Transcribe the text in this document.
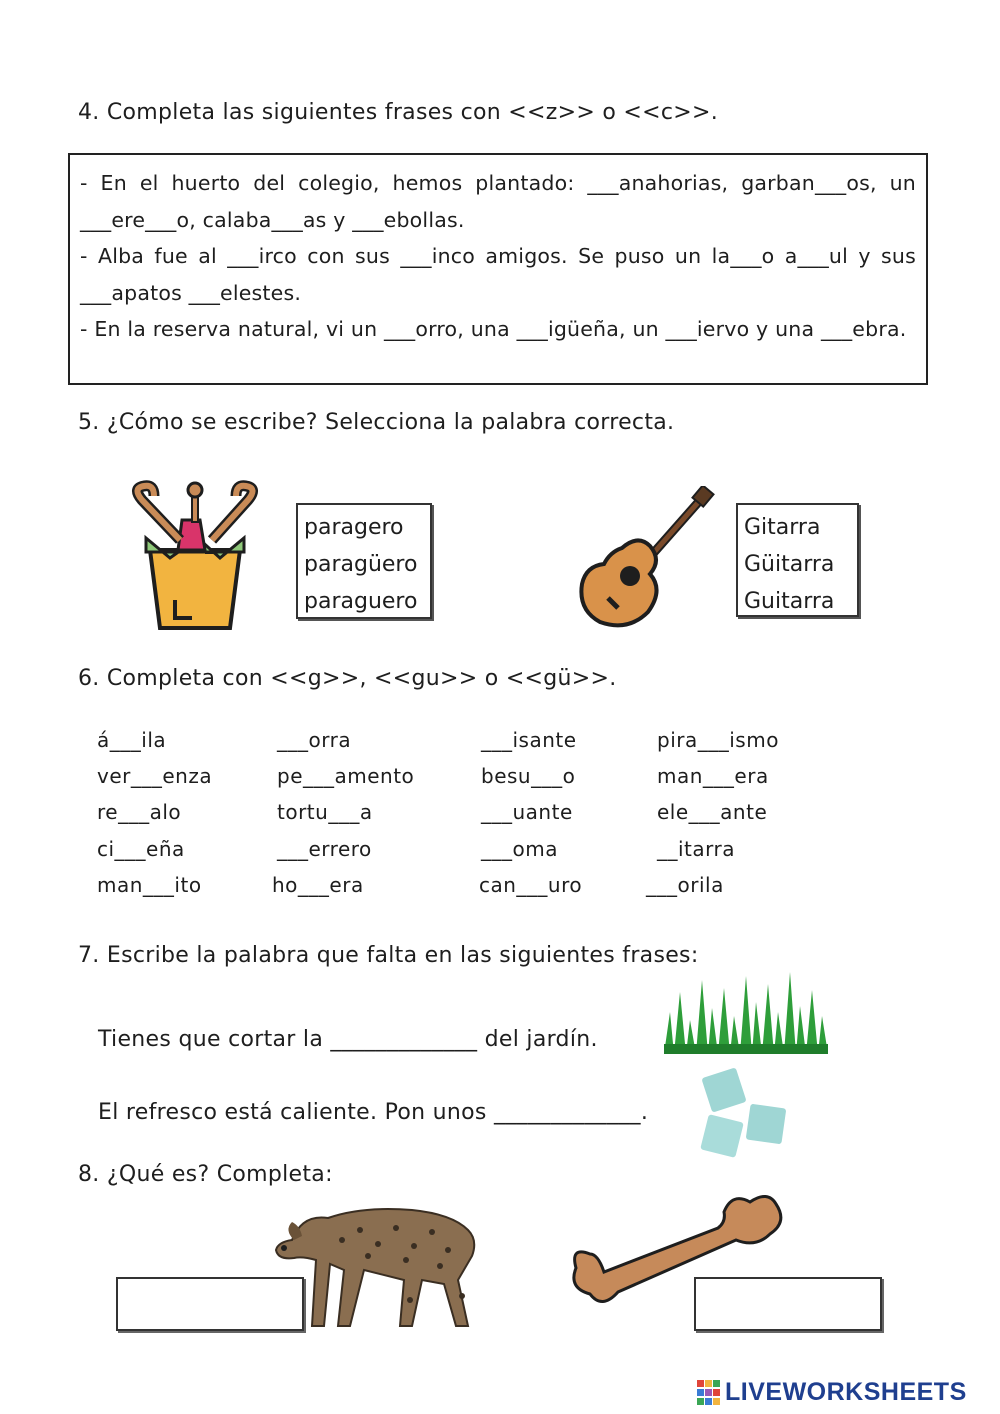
4. Completa las siguientes frases con <<z>> o <<c>>.

- En el huerto del colegio, hemos plantado: ___anahorias, garban___os, un ___ere___o, calaba___as y ___ebollas.

- Alba fue al ___irco con sus ___inco amigos. Se puso un la___o a___ul y sus ___apatos ___elestes.

- En la reserva natural, vi un ___orro, una ___igüeña, un ___iervo y una ___ebra.

5. ¿Cómo se escribe? Selecciona la palabra correcta.
paragero
paragüero
paraguero
Gitarra
Güitarra
Guitarra
6. Completa con <<g>>, <<gu>> o <<gü>>.
á___ila	___orra	___isante	pira___ismo
ver___enza	pe___amento	besu___o	man___era
re___alo	tortu___a	___uante	ele___ante
ci___eña	___errero	___oma	__itarra
man___ito	ho___era	can___uro	___orila
7. Escribe la palabra que falta en las siguientes frases:
Tienes que cortar la _____________ del jardín.
El refresco está caliente. Pon unos _____________.
8. ¿Qué es? Completa:
LIVEWORKSHEETS
